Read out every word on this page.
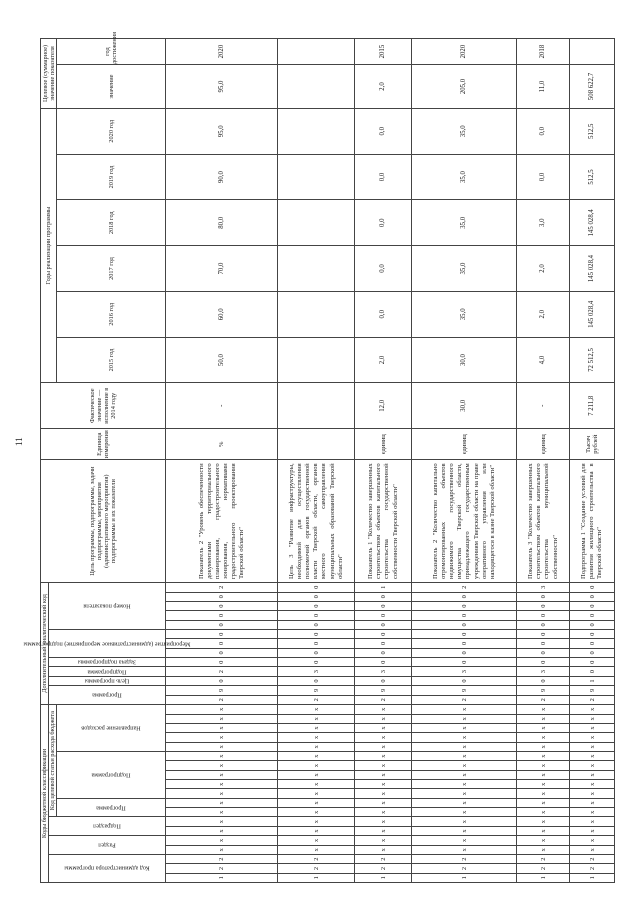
11
Коды бюджетной классификации																			Дополнительный аналитический код													Цель программы, подпрограммы, задачи подпрограммы, мероприятия (административного мероприятия) подпрограммы и их показатели	Единица измерения	Фактическое значение — исполнение в 2014 году	Годы реализации программы						Целевое (суммарное) значение показателя	

Код администратора программы			Раздел		Подраздел		Код целевой статьи расхода бюджета												Программа		Цель программы	Подпрограмма	Задача подпрограммы	Мероприятие (административное мероприятие) подпрограммы			Номер показателя															

							Программа		Подпрограмма					Направление расходов																					2015 год	2016 год	2017 год	2018 год	2019 год	2020 год	значение	год достижения
1	2	2	х	х	х	х	х	х	х	х	х	х	х	х	х	х	х	х	2	9	0	2	0	0	0	0	0	0	0	0	2	Показатель 2 "Уровень обеспеченности документами территориального планирования, градостроительного зонирования, нормативами градостроительного проектирования Тверской области"	%	-	50,0	60,0	70,0	80,0	90,0	95,0	95,0	2020
1	2	2	х	х	х	х	х	х	х	х	х	х	х	х	х	х	х	х	2	9	0	3	0	0	0	0	0	0	0	0	0	Цель 3 "Развитие инфраструктуры, необходимой для осуществления полномочий органов государственной власти Тверской области, органов местного самоуправления муниципальных образований Тверской области"										
1	2	2	х	х	х	х	х	х	х	х	х	х	х	х	х	х	х	х	2	9	0	3	0	0	0	0	0	0	0	0	1	Показатель 1 "Количество завершенных строительством объектов капитального строительства государственной собственности Тверской области"	единиц	12,0	2,0	0,0	0,0	0,0	0,0	0,0	2,0	2015
1	2	2	х	х	х	х	х	х	х	х	х	х	х	х	х	х	х	х	2	9	0	3	0	0	0	0	0	0	0	0	2	Показатель 2 "Количество капитально отремонтированных объектов недвижимого государственного имущества Тверской области, принадлежащего государственным учреждениям Тверской области на праве оперативного управления или находящегося в казне Тверской области"	единиц	30,0	30,0	35,0	35,0	35,0	35,0	35,0	205,0	2020
1	2	2	х	х	х	х	х	х	х	х	х	х	х	х	х	х	х	х	2	9	0	3	0	0	0	0	0	0	0	0	3	Показатель 3 "Количество завершенных строительством объектов капитального строительства муниципальной собственности"	единиц	-	4,0	2,0	2,0	3,0	0,0	0,0	11,0	2018
1	2	2	х	х	х	х	х	х	х	х	х	х	х	х	х	х	х	х	2	9	1	0	0	0	0	0	0	0	0	0	0	Подпрограмма 1 "Создание условий для развития жилищного строительства в Тверской области"	Тысяч рублей	7 211,8	72 512,5	145 028,4	145 028,4	145 028,4	512,5	512,5	508 622,7	
